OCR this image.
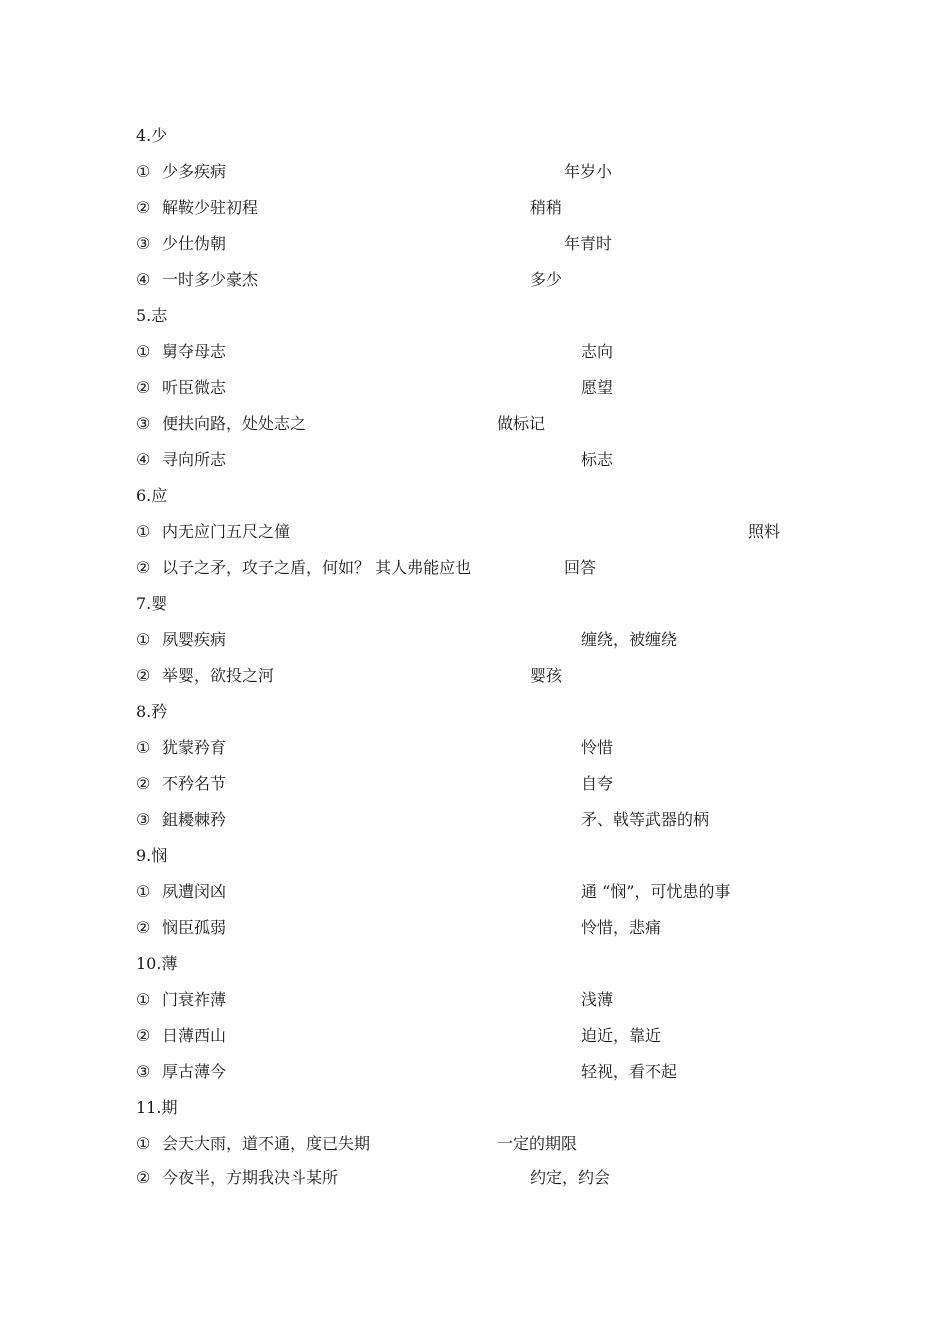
4.少
① 少多疾病	年岁小
② 解鞍少驻初程	稍稍
③ 少仕伪朝	年青时
④ 一时多少豪杰	多少
5.志
① 舅夺母志	志向
② 听臣微志	愿望
③ 便扶向路，处处志之	做标记
④ 寻向所志	标志
6.应
① 内无应门五尺之僮	照料
② 以子之矛，攻子之盾，何如？ 其人弗能应也	回答
7.婴
① 夙婴疾病	缠绕，被缠绕
② 举婴，欲投之河	婴孩
8.矜
① 犹蒙矜育	怜惜
② 不矜名节	自夸
③ 鉏耰棘矜	矛、戟等武器的柄
9.悯
① 夙遭闵凶	通 “悯”，可忧患的事
② 悯臣孤弱	怜惜，悲痛
10.薄
① 门衰祚薄	浅薄
② 日薄西山	迫近，靠近
③ 厚古薄今	轻视，看不起
11.期
① 会天大雨，道不通，度已失期	一定的期限
② 今夜半，方期我决斗某所	约定，约会
